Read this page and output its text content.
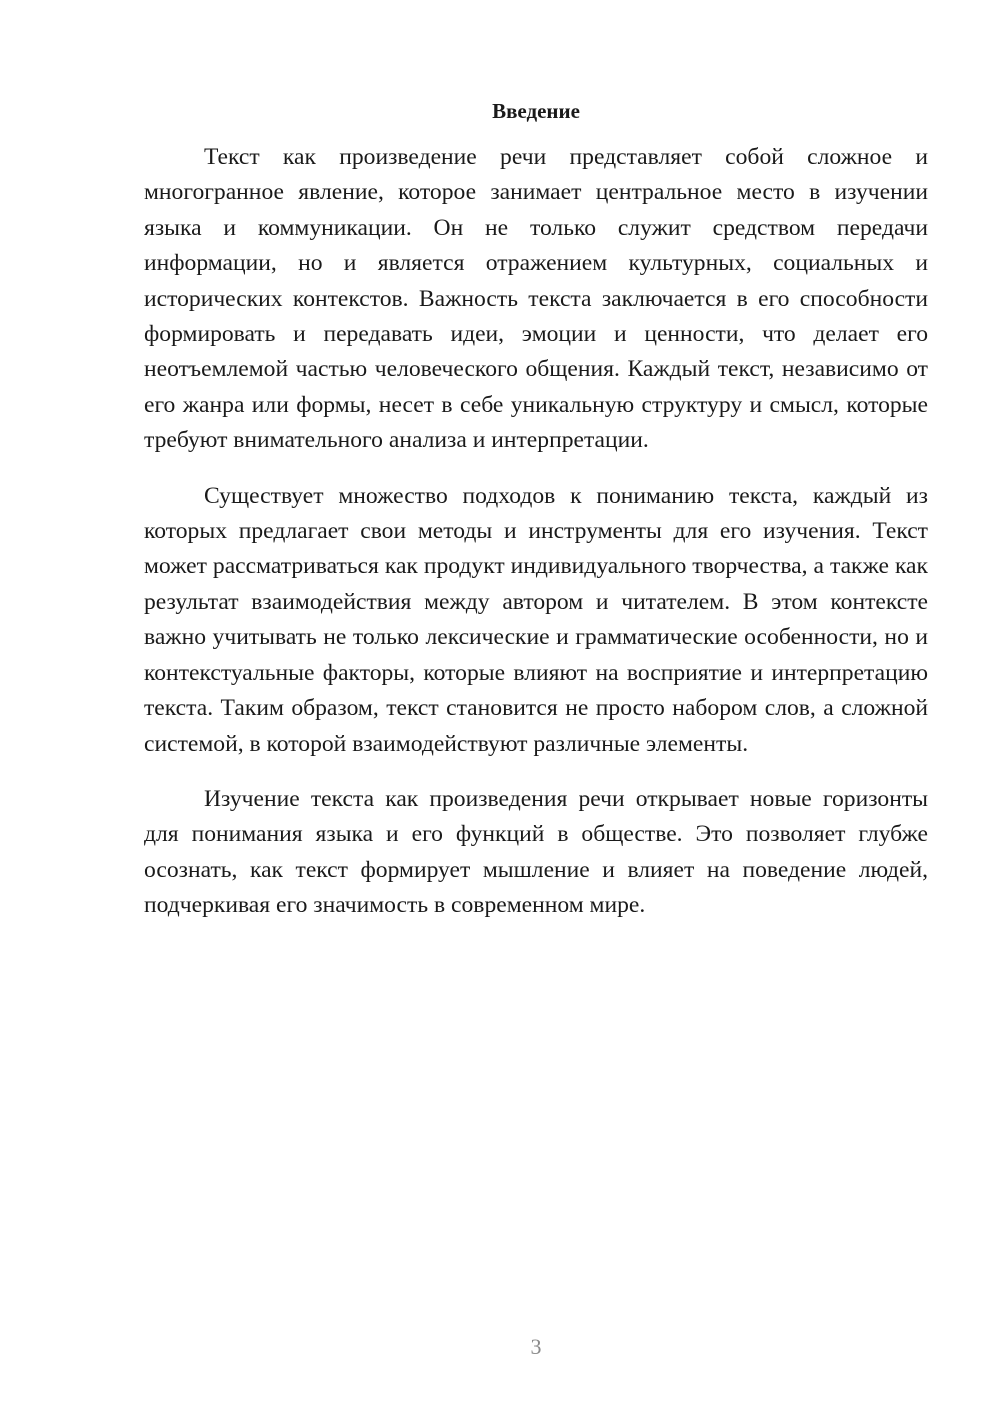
Введение

Текст как произведение речи представляет собой сложное и многогранное явление, которое занимает центральное место в изучении языка и коммуникации. Он не только служит средством передачи информации, но и является отражением культурных, социальных и исторических контекстов. Важность текста заключается в его способности формировать и передавать идеи, эмоции и ценности, что делает его неотъемлемой частью человеческого общения. Каждый текст, независимо от его жанра или формы, несет в себе уникальную структуру и смысл, которые требуют внимательного анализа и интерпретации.

Существует множество подходов к пониманию текста, каждый из которых предлагает свои методы и инструменты для его изучения. Текст может рассматриваться как продукт индивидуального творчества, а также как результат взаимодействия между автором и читателем. В этом контексте важно учитывать не только лексические и грамматические особенности, но и контекстуальные факторы, которые влияют на восприятие и интерпретацию текста. Таким образом, текст становится не просто набором слов, а сложной системой, в которой взаимодействуют различные элементы.

Изучение текста как произведения речи открывает новые горизонты для понимания языка и его функций в обществе. Это позволяет глубже осознать, как текст формирует мышление и влияет на поведение людей, подчеркивая его значимость в современном мире.

3
